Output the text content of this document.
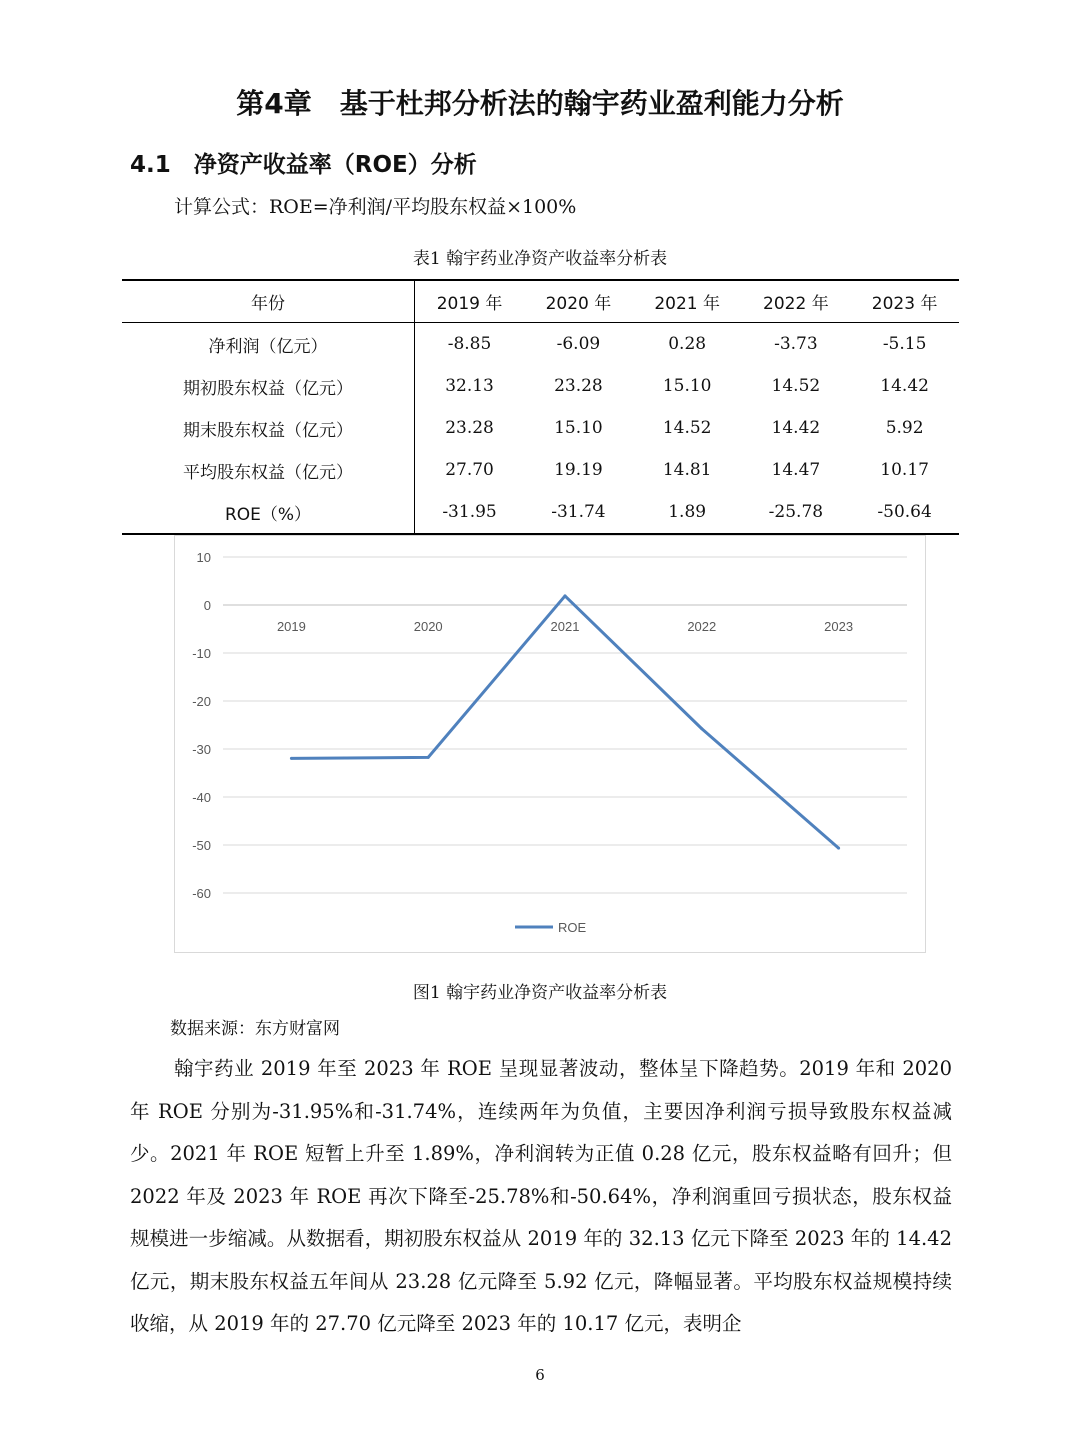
第4章　基于杜邦分析法的翰宇药业盈利能力分析
4.1　净资产收益率（ROE）分析

计算公式：ROE=净利润/平均股东权益×100%

表1 翰宇药业净资产收益率分析表
年份	2019 年	2020 年	2021 年	2022 年	2023 年
净利润（亿元）	-8.85	-6.09	0.28	-3.73	-5.15
期初股东权益（亿元）	32.13	23.28	15.10	14.52	14.42
期末股东权益（亿元）	23.28	15.10	14.52	14.42	5.92
平均股东权益（亿元）	27.70	19.19	14.81	14.47	10.17
ROE（%）	-31.95	-31.74	1.89	-25.78	-50.64
10
0
-10
-20
-30
-40
-50
-60
2019	2020	2021	2022	2023
ROE
图1 翰宇药业净资产收益率分析表
数据来源：东方财富网

翰宇药业 2019 年至 2023 年 ROE 呈现显著波动，整体呈下降趋势。2019 年和 2020 年 ROE 分别为-31.95%和-31.74%，连续两年为负值，主要因净利润亏损导致股东权益减少。2021 年 ROE 短暂上升至 1.89%，净利润转为正值 0.28 亿元，股东权益略有回升；但 2022 年及 2023 年 ROE 再次下降至-25.78%和-50.64%，净利润重回亏损状态，股东权益规模进一步缩减。从数据看，期初股东权益从 2019 年的 32.13 亿元下降至 2023 年的 14.42 亿元，期末股东权益五年间从 23.28 亿元降至 5.92 亿元，降幅显著。平均股东权益规模持续收缩，从 2019 年的 27.70 亿元降至 2023 年的 10.17 亿元，表明企

6
